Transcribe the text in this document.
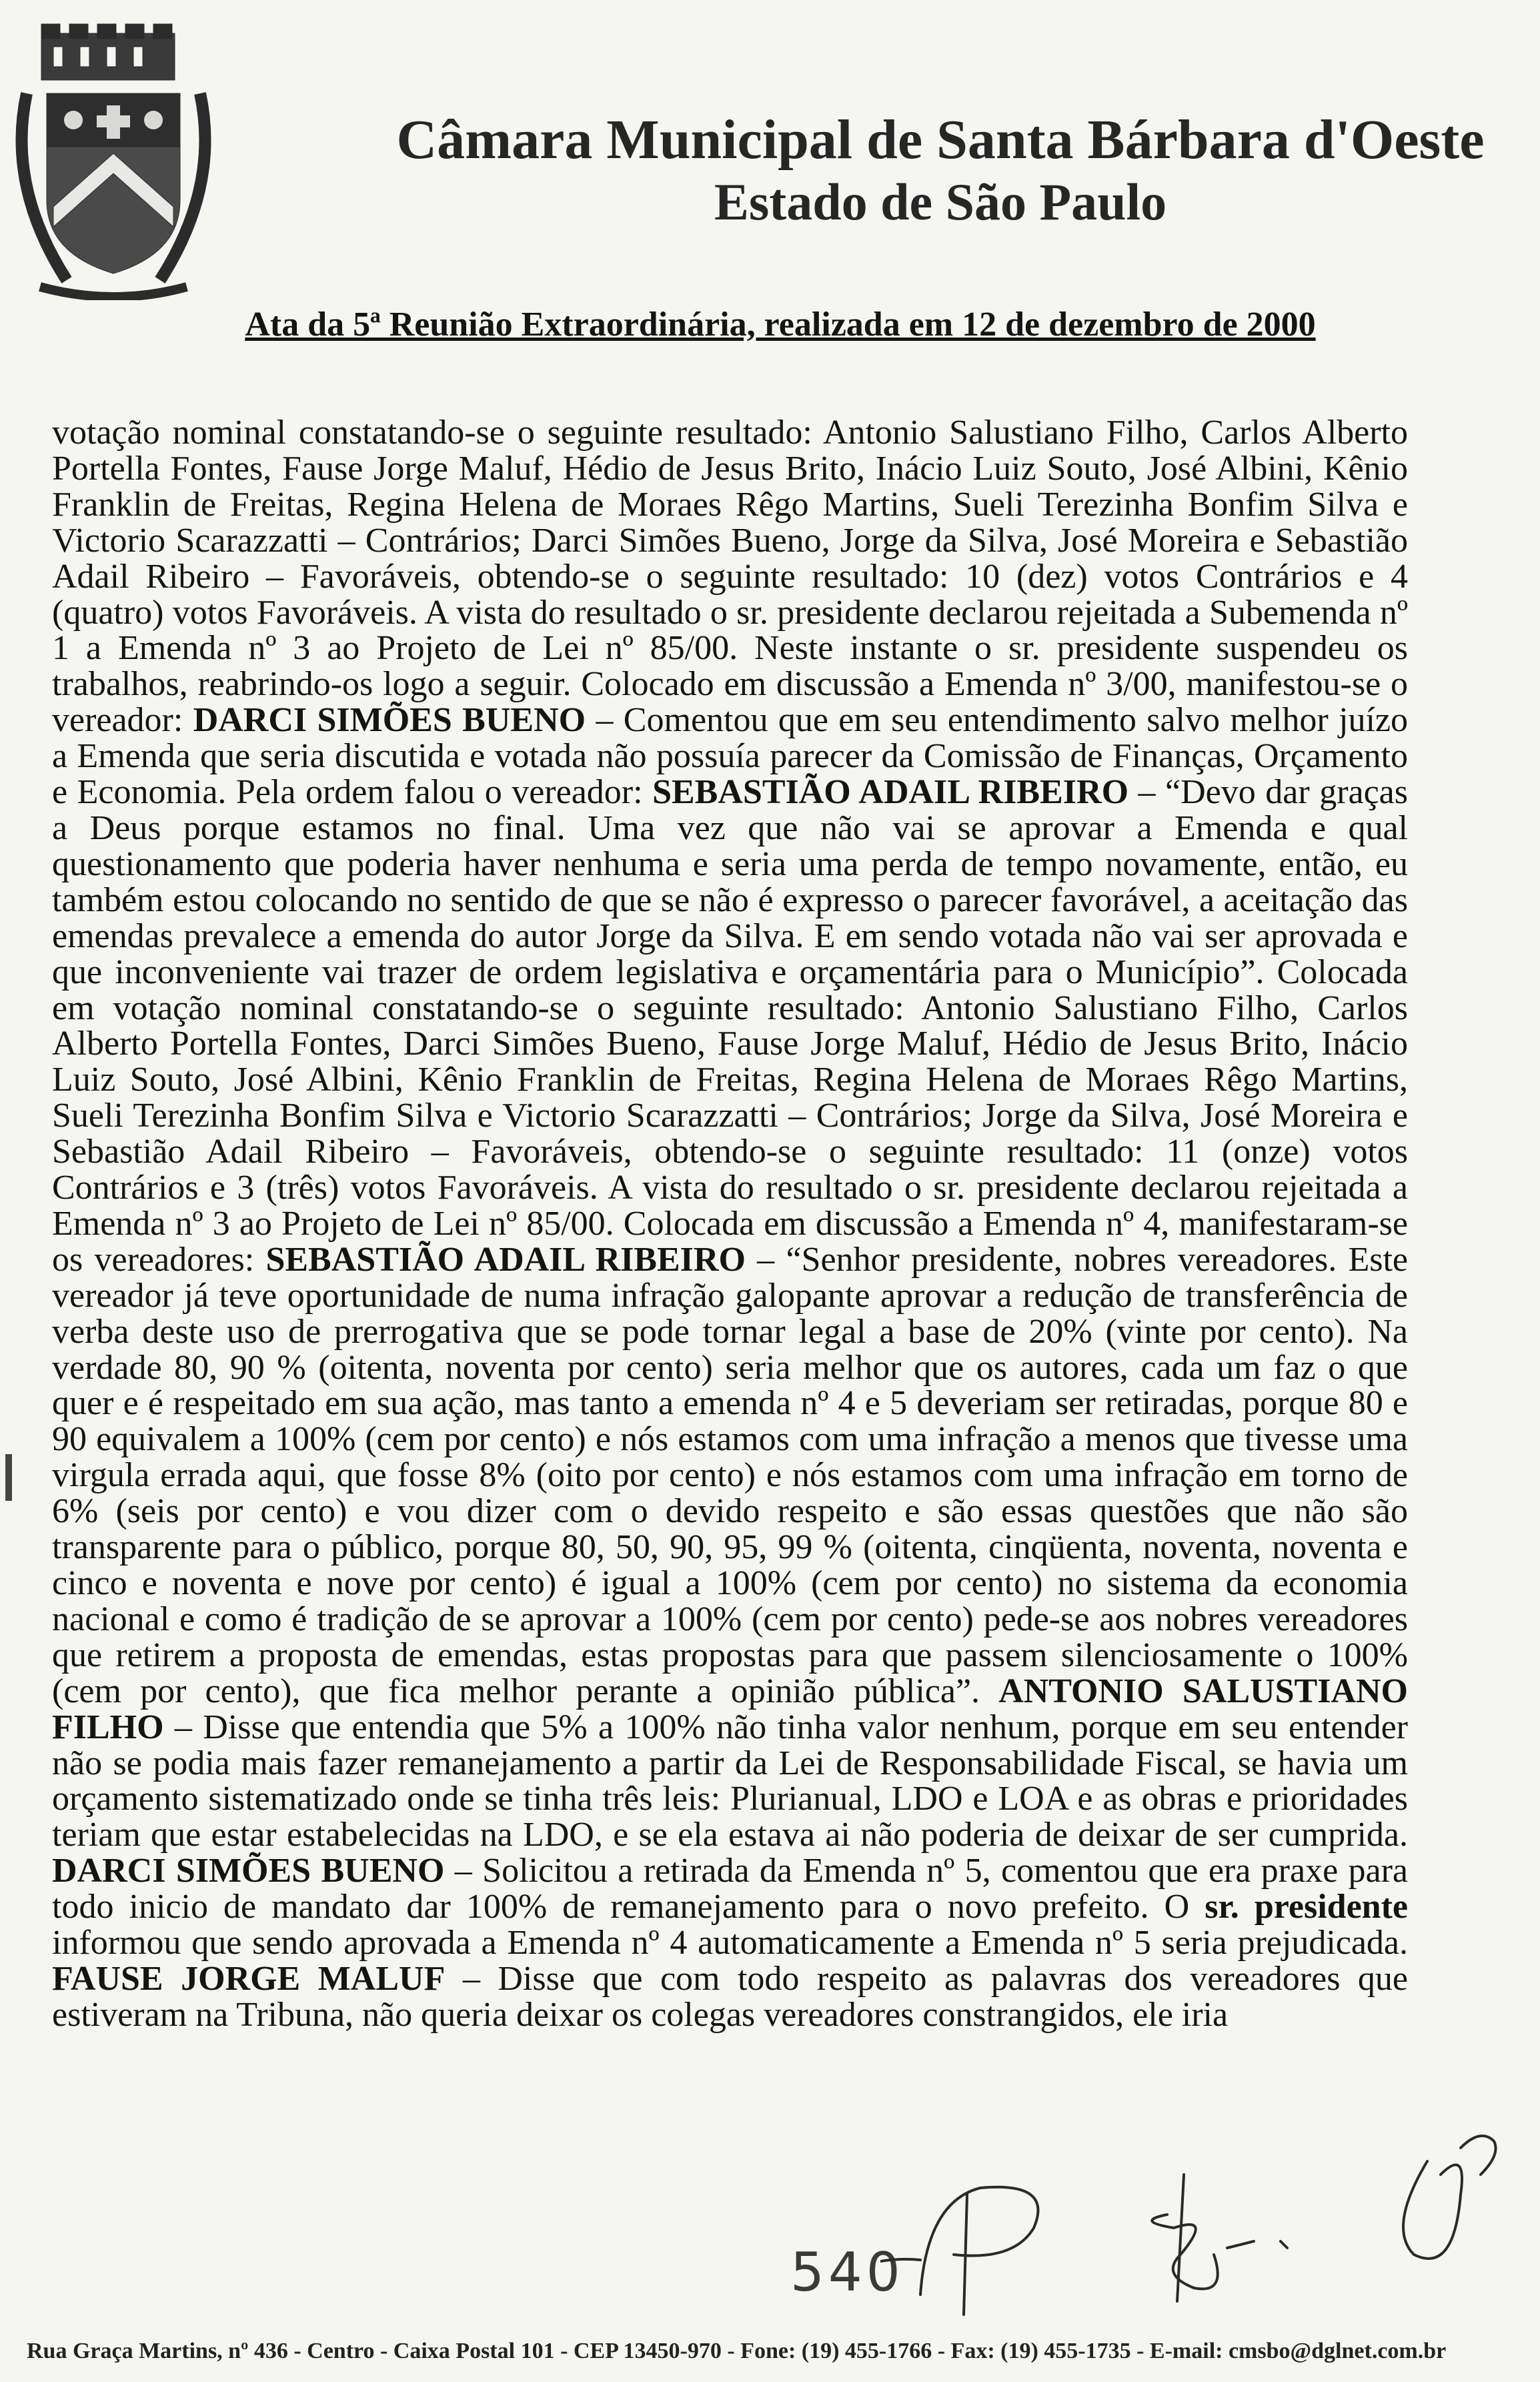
Câmara Municipal de Santa Bárbara d'Oeste
Estado de São Paulo
Ata da 5ª Reunião Extraordinária, realizada em 12 de dezembro de 2000

votação nominal constatando-se o seguinte resultado: Antonio Salustiano Filho, Carlos Alberto Portella Fontes, Fause Jorge Maluf, Hédio de Jesus Brito, Inácio Luiz Souto, José Albini, Kênio Franklin de Freitas, Regina Helena de Moraes Rêgo Martins, Sueli Terezinha Bonfim Silva e Victorio Scarazzatti – Contrários; Darci Simões Bueno, Jorge da Silva, José Moreira e Sebastião Adail Ribeiro – Favoráveis, obtendo-se o seguinte resultado: 10 (dez) votos Contrários e 4 (quatro) votos Favoráveis. A vista do resultado o sr. presidente declarou rejeitada a Subemenda nº 1 a Emenda nº 3 ao Projeto de Lei nº 85/00. Neste instante o sr. presidente suspendeu os trabalhos, reabrindo-os logo a seguir. Colocado em discussão a Emenda nº 3/00, manifestou-se o vereador: DARCI SIMÕES BUENO – Comentou que em seu entendimento salvo melhor juízo a Emenda que seria discutida e votada não possuía parecer da Comissão de Finanças, Orçamento e Economia. Pela ordem falou o vereador: SEBASTIÃO ADAIL RIBEIRO – “Devo dar graças a Deus porque estamos no final. Uma vez que não vai se aprovar a Emenda e qual questionamento que poderia haver nenhuma e seria uma perda de tempo novamente, então, eu também estou colocando no sentido de que se não é expresso o parecer favorável, a aceitação das emendas prevalece a emenda do autor Jorge da Silva. E em sendo votada não vai ser aprovada e que inconveniente vai trazer de ordem legislativa e orçamentária para o Município”. Colocada em votação nominal constatando-se o seguinte resultado: Antonio Salustiano Filho, Carlos Alberto Portella Fontes, Darci Simões Bueno, Fause Jorge Maluf, Hédio de Jesus Brito, Inácio Luiz Souto, José Albini, Kênio Franklin de Freitas, Regina Helena de Moraes Rêgo Martins, Sueli Terezinha Bonfim Silva e Victorio Scarazzatti – Contrários; Jorge da Silva, José Moreira e Sebastião Adail Ribeiro – Favoráveis, obtendo-se o seguinte resultado: 11 (onze) votos Contrários e 3 (três) votos Favoráveis. A vista do resultado o sr. presidente declarou rejeitada a Emenda nº 3 ao Projeto de Lei nº 85/00. Colocada em discussão a Emenda nº 4, manifestaram-se os vereadores: SEBASTIÃO ADAIL RIBEIRO – “Senhor presidente, nobres vereadores. Este vereador já teve oportunidade de numa infração galopante aprovar a redução de transferência de verba deste uso de prerrogativa que se pode tornar legal a base de 20% (vinte por cento). Na verdade 80, 90 % (oitenta, noventa por cento) seria melhor que os autores, cada um faz o que quer e é respeitado em sua ação, mas tanto a emenda nº 4 e 5 deveriam ser retiradas, porque 80 e 90 equivalem a 100% (cem por cento) e nós estamos com uma infração a menos que tivesse uma virgula errada aqui, que fosse 8% (oito por cento) e nós estamos com uma infração em torno de 6% (seis por cento) e vou dizer com o devido respeito e são essas questões que não são transparente para o público, porque 80, 50, 90, 95, 99 % (oitenta, cinqüenta, noventa, noventa e cinco e noventa e nove por cento) é igual a 100% (cem por cento) no sistema da economia nacional e como é tradição de se aprovar a 100% (cem por cento) pede-se aos nobres vereadores que retirem a proposta de emendas, estas propostas para que passem silenciosamente o 100% (cem por cento), que fica melhor perante a opinião pública”. ANTONIO SALUSTIANO FILHO – Disse que entendia que 5% a 100% não tinha valor nenhum, porque em seu entender não se podia mais fazer remanejamento a partir da Lei de Responsabilidade Fiscal, se havia um orçamento sistematizado onde se tinha três leis: Plurianual, LDO e LOA e as obras e prioridades teriam que estar estabelecidas na LDO, e se ela estava ai não poderia de deixar de ser cumprida. DARCI SIMÕES BUENO – Solicitou a retirada da Emenda nº 5, comentou que era praxe para todo inicio de mandato dar 100% de remanejamento para o novo prefeito. O sr. presidente informou que sendo aprovada a Emenda nº 4 automaticamente a Emenda nº 5 seria prejudicada. FAUSE JORGE MALUF – Disse que com todo respeito as palavras dos vereadores que estiveram na Tribuna, não queria deixar os colegas vereadores constrangidos, ele iria

540
Rua Graça Martins, nº 436 - Centro - Caixa Postal 101 - CEP 13450-970 - Fone: (19) 455-1766 - Fax: (19) 455-1735 - E-mail: cmsbo@dglnet.com.br
